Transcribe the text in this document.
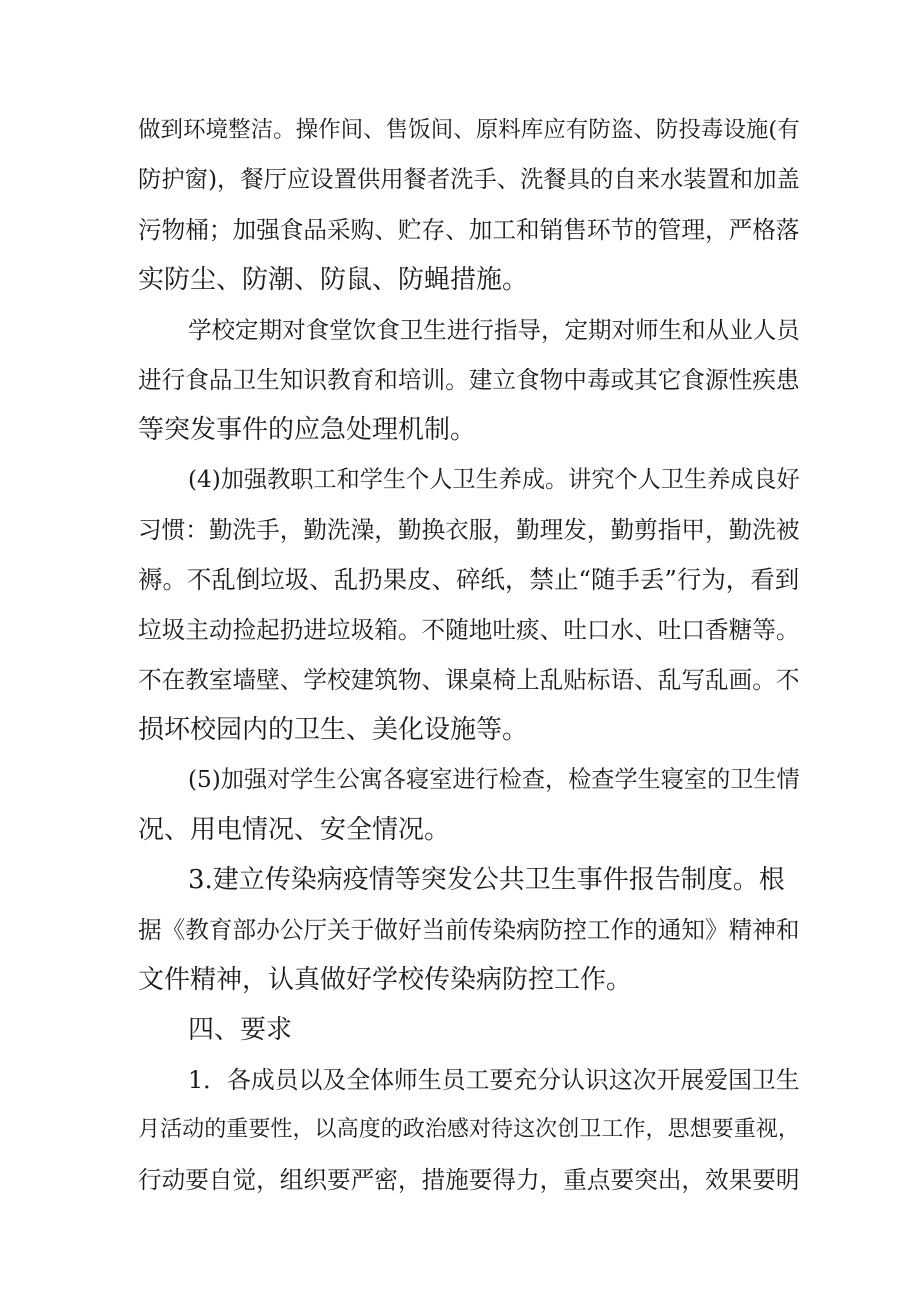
做到环境整洁。操作间、售饭间、原料库应有防盗、防投毒设施(有
防护窗)，餐厅应设置供用餐者洗手、洗餐具的自来水装置和加盖
污物桶；加强食品采购、贮存、加工和销售环节的管理，严格落
实防尘、防潮、防鼠、防蝇措施。
学校定期对食堂饮食卫生进行指导，定期对师生和从业人员
进行食品卫生知识教育和培训。建立食物中毒或其它食源性疾患
等突发事件的应急处理机制。
(4)加强教职工和学生个人卫生养成。讲究个人卫生养成良好
习惯：勤洗手，勤洗澡，勤换衣服，勤理发，勤剪指甲，勤洗被
褥。不乱倒垃圾、乱扔果皮、碎纸，禁止“随手丢”行为，看到
垃圾主动捡起扔进垃圾箱。不随地吐痰、吐口水、吐口香糖等。
不在教室墙壁、学校建筑物、课桌椅上乱贴标语、乱写乱画。不
损坏校园内的卫生、美化设施等。
(5)加强对学生公寓各寝室进行检查，检查学生寝室的卫生情
况、用电情况、安全情况。
3.建立传染病疫情等突发公共卫生事件报告制度。根
据《教育部办公厅关于做好当前传染病防控工作的通知》精神和
文件精神，认真做好学校传染病防控工作。
四、要求
1．各成员以及全体师生员工要充分认识这次开展爱国卫生
月活动的重要性，以高度的政治感对待这次创卫工作，思想要重视，
行动要自觉，组织要严密，措施要得力，重点要突出，效果要明
